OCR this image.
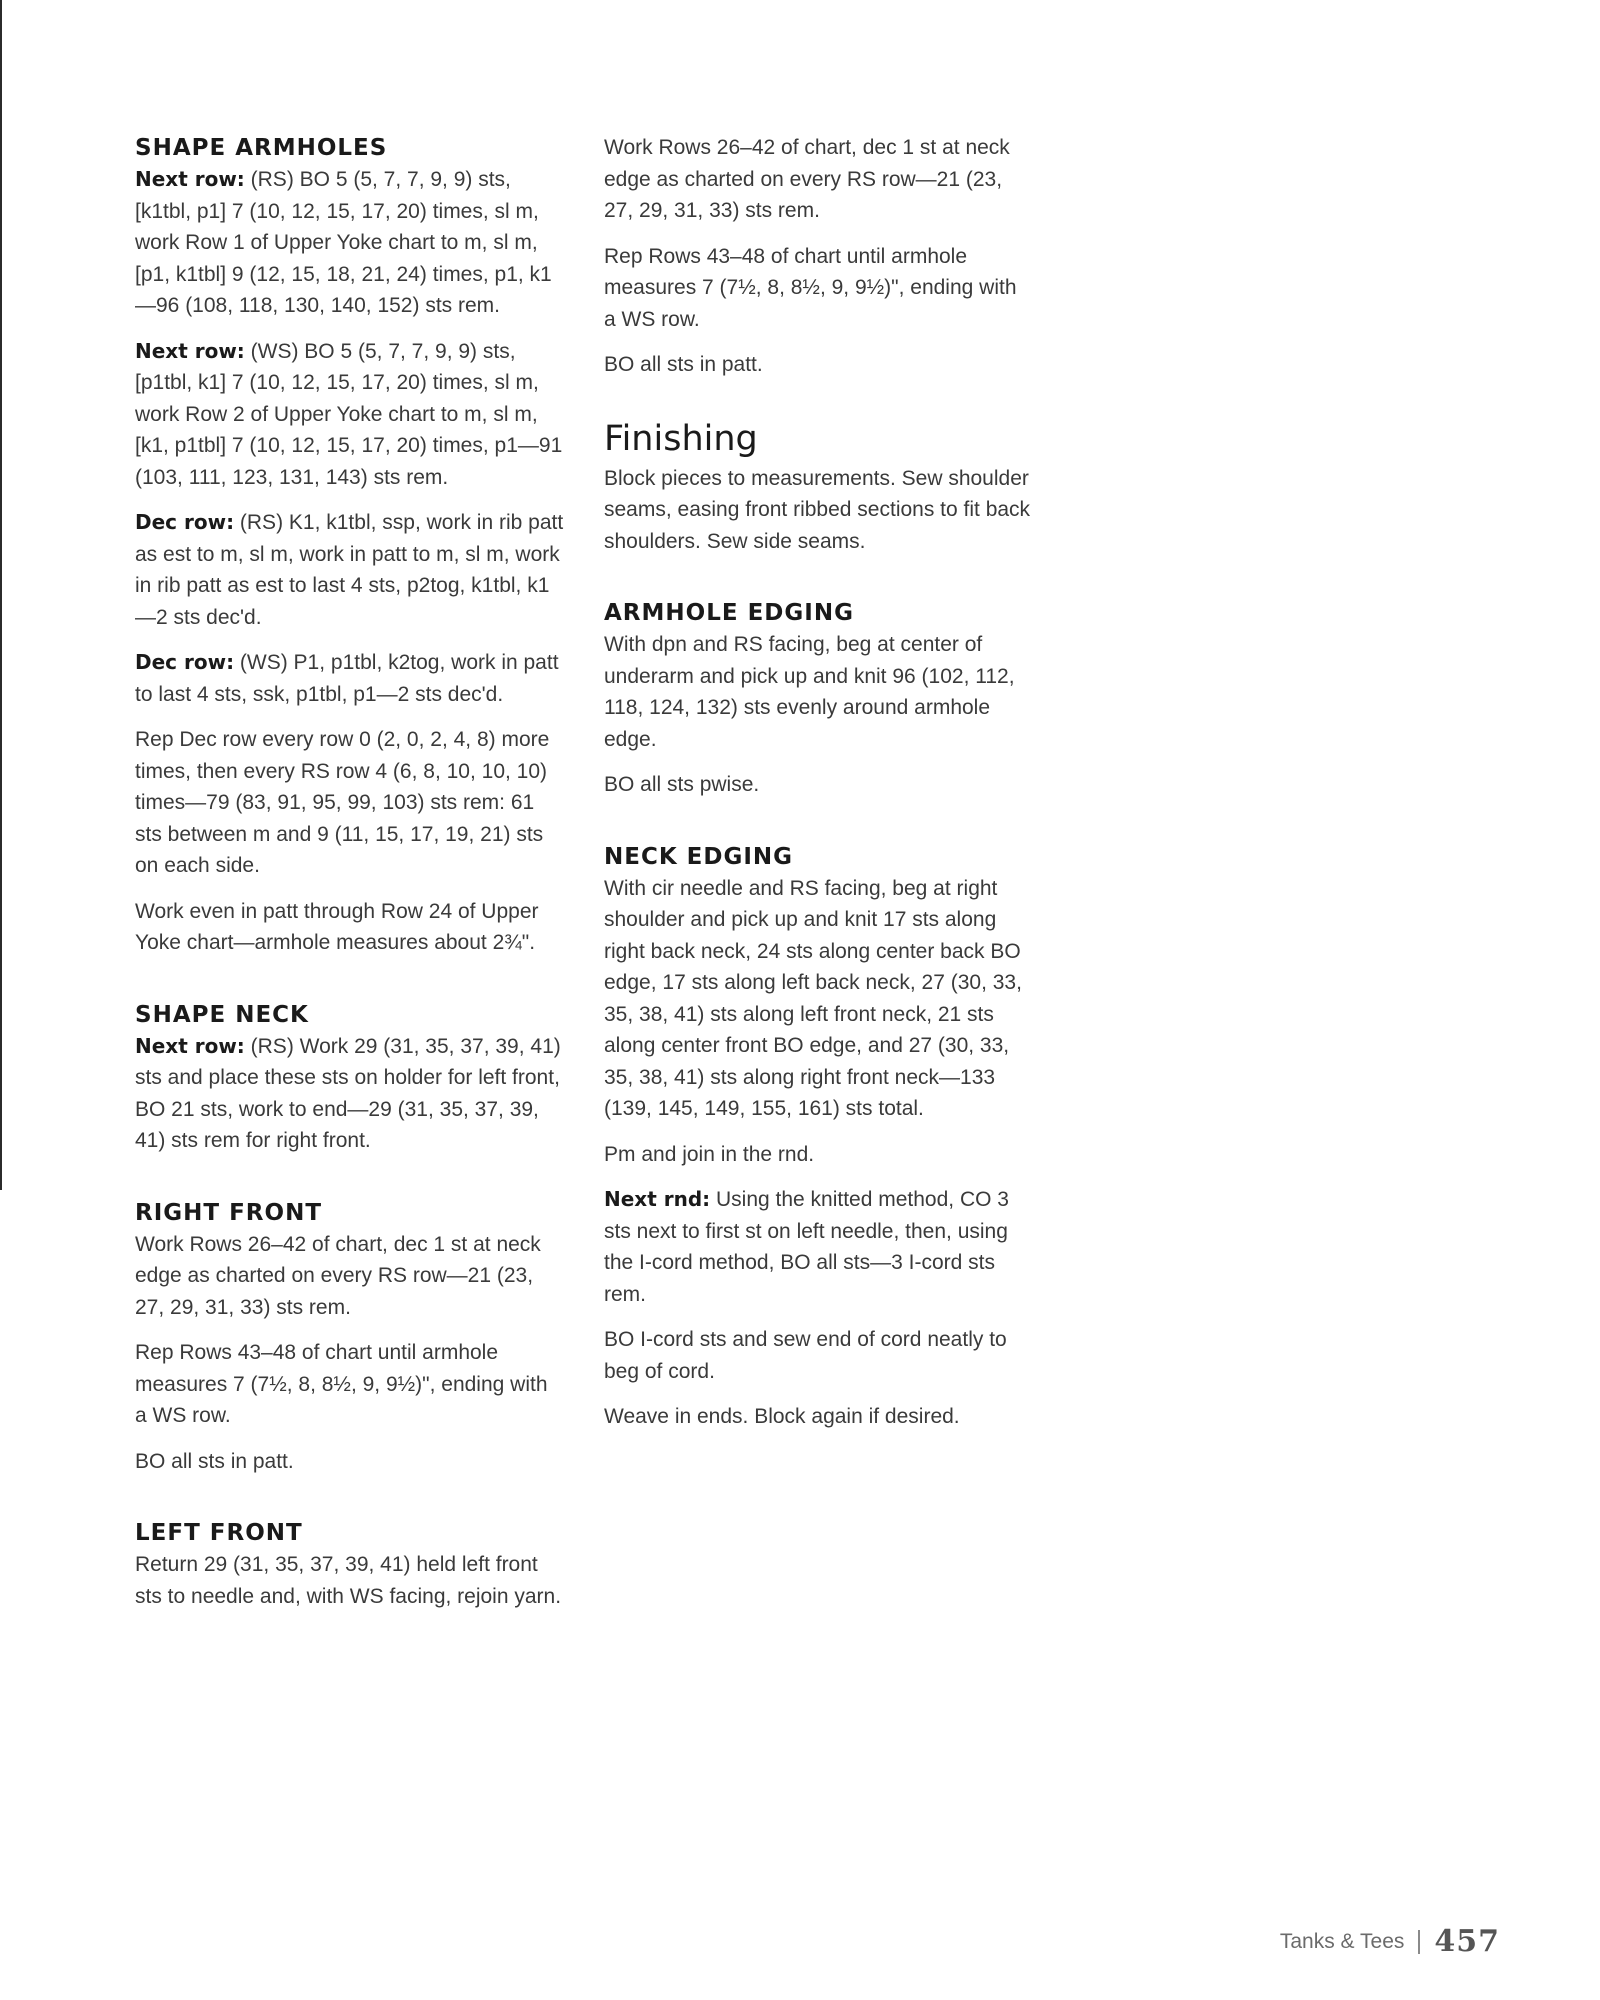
SHAPE ARMHOLES

Next row: (RS) BO 5 (5, 7, 7, 9, 9) sts, [k1tbl, p1] 7 (10, 12, 15, 17, 20) times, sl m, work Row 1 of Upper Yoke chart to m, sl m, [p1, k1tbl] 9 (12, 15, 18, 21, 24) times, p1, k1—96 (108, 118, 130, 140, 152) sts rem.

Next row: (WS) BO 5 (5, 7, 7, 9, 9) sts, [p1tbl, k1] 7 (10, 12, 15, 17, 20) times, sl m, work Row 2 of Upper Yoke chart to m, sl m, [k1, p1tbl] 7 (10, 12, 15, 17, 20) times, p1—91 (103, 111, 123, 131, 143) sts rem.

Dec row: (RS) K1, k1tbl, ssp, work in rib patt as est to m, sl m, work in patt to m, sl m, work in rib patt as est to last 4 sts, p2tog, k1tbl, k1—2 sts dec'd.

Dec row: (WS) P1, p1tbl, k2tog, work in patt to last 4 sts, ssk, p1tbl, p1—2 sts dec'd.

Rep Dec row every row 0 (2, 0, 2, 4, 8) more times, then every RS row 4 (6, 8, 10, 10, 10) times—79 (83, 91, 95, 99, 103) sts rem: 61 sts between m and 9 (11, 15, 17, 19, 21) sts on each side.

Work even in patt through Row 24 of Upper Yoke chart—armhole measures about 2¾".

SHAPE NECK

Next row: (RS) Work 29 (31, 35, 37, 39, 41) sts and place these sts on holder for left front, BO 21 sts, work to end—29 (31, 35, 37, 39, 41) sts rem for right front.

RIGHT FRONT

Work Rows 26–42 of chart, dec 1 st at neck edge as charted on every RS row—21 (23, 27, 29, 31, 33) sts rem.

Rep Rows 43–48 of chart until armhole measures 7 (7½, 8, 8½, 9, 9½)", ending with a WS row.

BO all sts in patt.

LEFT FRONT

Return 29 (31, 35, 37, 39, 41) held left front sts to needle and, with WS facing, rejoin yarn.

Work Rows 26–42 of chart, dec 1 st at neck edge as charted on every RS row—21 (23, 27, 29, 31, 33) sts rem.

Rep Rows 43–48 of chart until armhole measures 7 (7½, 8, 8½, 9, 9½)", ending with a WS row.

BO all sts in patt.

Finishing

Block pieces to measurements. Sew shoulder seams, easing front ribbed sections to fit back shoulders. Sew side seams.

ARMHOLE EDGING

With dpn and RS facing, beg at center of underarm and pick up and knit 96 (102, 112, 118, 124, 132) sts evenly around armhole edge.

BO all sts pwise.

NECK EDGING

With cir needle and RS facing, beg at right shoulder and pick up and knit 17 sts along right back neck, 24 sts along center back BO edge, 17 sts along left back neck, 27 (30, 33, 35, 38, 41) sts along left front neck, 21 sts along center front BO edge, and 27 (30, 33, 35, 38, 41) sts along right front neck—133 (139, 145, 149, 155, 161) sts total.

Pm and join in the rnd.

Next rnd: Using the knitted method, CO 3 sts next to first st on left needle, then, using the I-cord method, BO all sts—3 I-cord sts rem.

BO I-cord sts and sew end of cord neatly to beg of cord.

Weave in ends. Block again if desired.

Tanks & Tees 457
